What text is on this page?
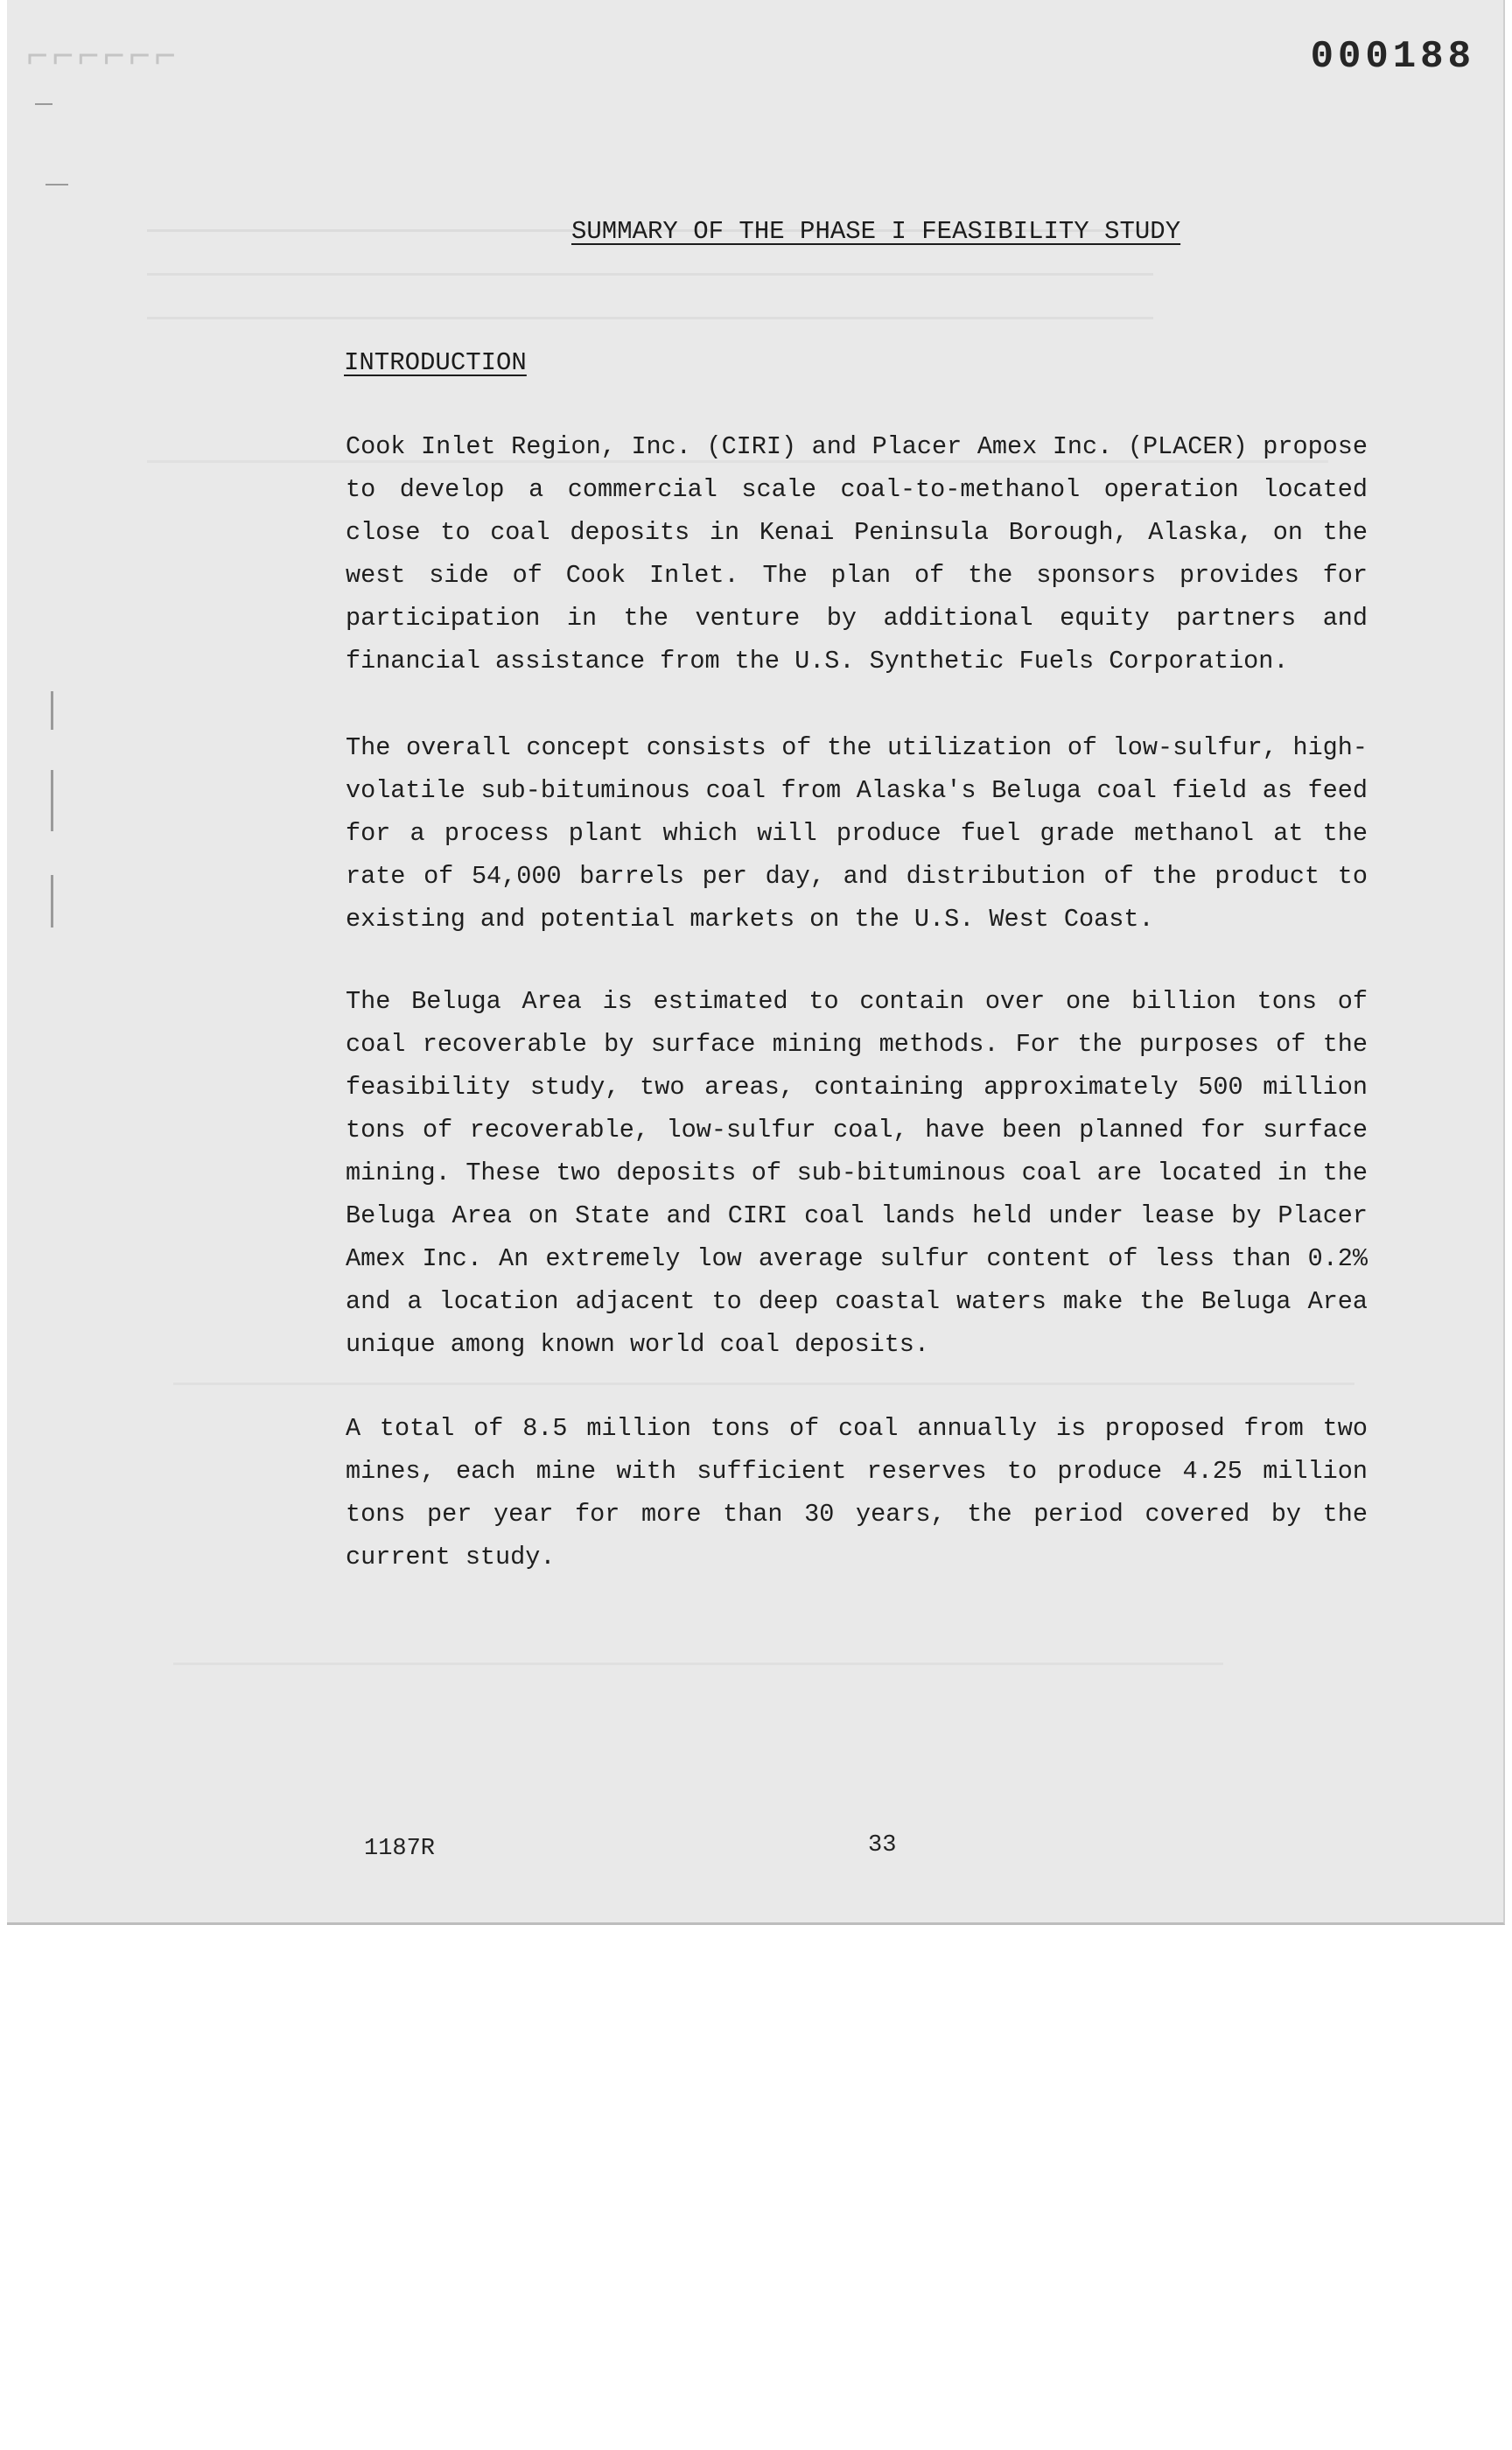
⌐⌐⌐⌐⌐⌐	000188
SUMMARY OF THE PHASE I FEASIBILITY STUDY
INTRODUCTION
Cook Inlet Region, Inc. (CIRI) and Placer Amex Inc. (PLACER) propose to develop a commercial scale coal-to-methanol operation located close to coal deposits in Kenai Peninsula Borough, Alaska, on the west side of Cook Inlet. The plan of the sponsors provides for participation in the venture by additional equity partners and financial assistance from the U.S. Synthetic Fuels Corporation.
The overall concept consists of the utilization of low-sulfur, high-volatile sub-bituminous coal from Alaska's Beluga coal field as feed for a process plant which will produce fuel grade methanol at the rate of 54,000 barrels per day, and distribution of the product to existing and potential markets on the U.S. West Coast.
The Beluga Area is estimated to contain over one billion tons of coal recoverable by surface mining methods. For the purposes of the feasibility study, two areas, containing approximately 500 million tons of recoverable, low-sulfur coal, have been planned for surface mining. These two deposits of sub-bituminous coal are located in the Beluga Area on State and CIRI coal lands held under lease by Placer Amex Inc. An extremely low average sulfur content of less than 0.2% and a location adjacent to deep coastal waters make the Beluga Area unique among known world coal deposits.
A total of 8.5 million tons of coal annually is proposed from two mines, each mine with sufficient reserves to produce 4.25 million tons per year for more than 30 years, the period covered by the current study.
1187R	33
